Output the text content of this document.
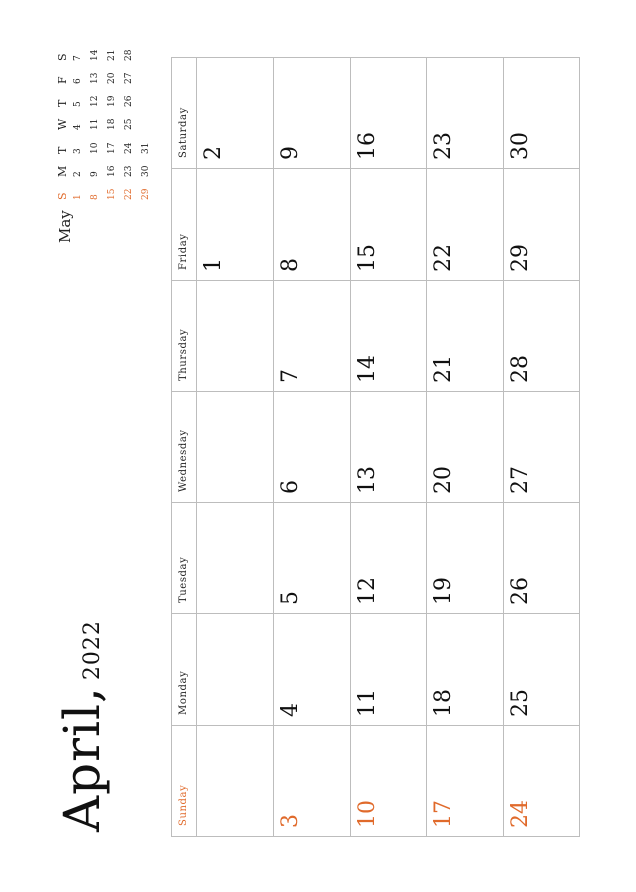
April,2022
May
S
M
T
W
T
F
S
1
2
3
4
5
6
7
8
9
10
11
12
13
14
15
16
17
18
19
20
21
22
23
24
25
26
27
28
29
30
31
Sunday
Monday
Tuesday
Wednesday
Thursday
Friday
Saturday
1
2
3
4
5
6
7
8
9
10
11
12
13
14
15
16
17
18
19
20
21
22
23
24
25
26
27
28
29
30
